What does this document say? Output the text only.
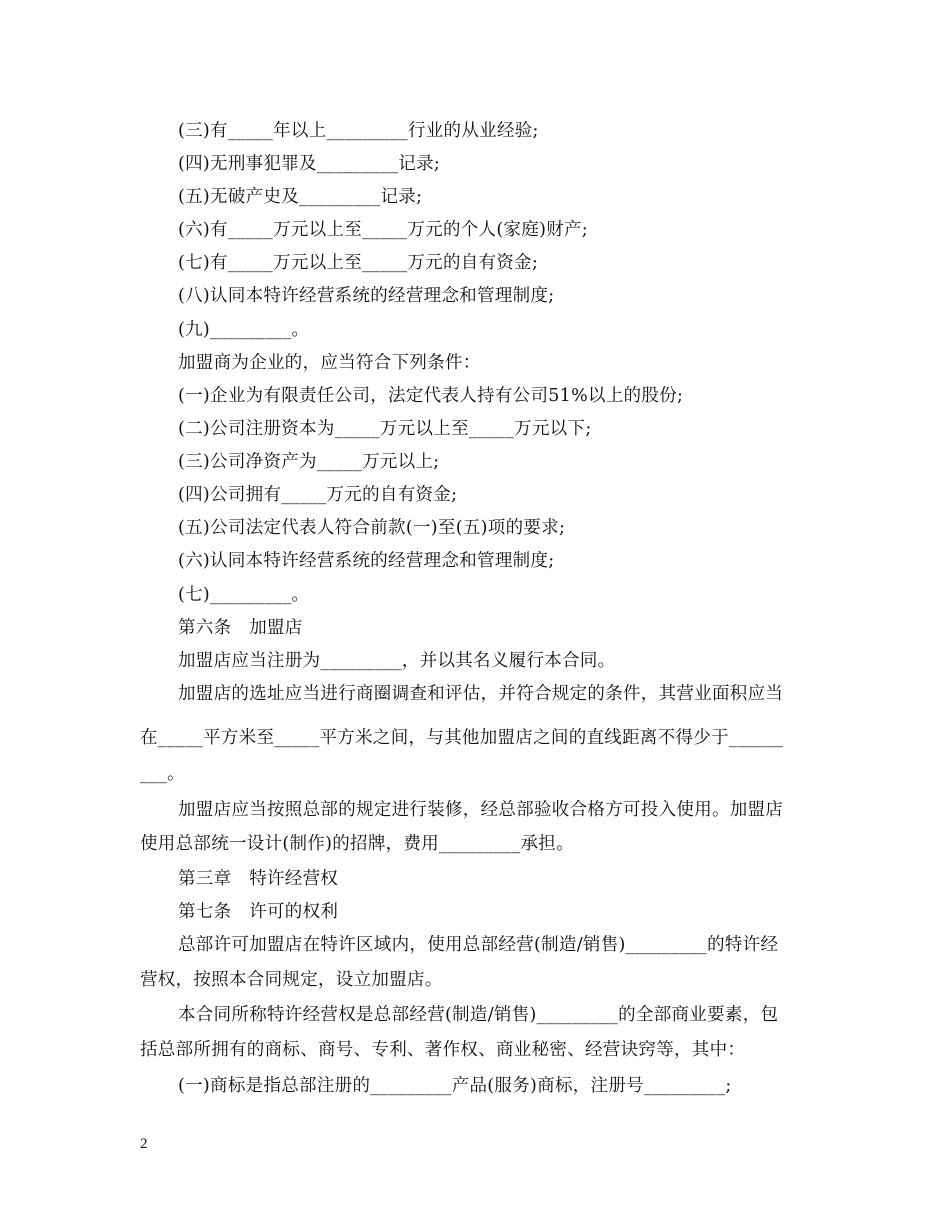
(三)有_____年以上_________行业的从业经验;
(四)无刑事犯罪及_________记录;
(五)无破产史及_________记录;
(六)有_____万元以上至_____万元的个人(家庭)财产;
(七)有_____万元以上至_____万元的自有资金;
(八)认同本特许经营系统的经营理念和管理制度;
(九)_________。
加盟商为企业的，应当符合下列条件：
(一)企业为有限责任公司，法定代表人持有公司51%以上的股份;
(二)公司注册资本为_____万元以上至_____万元以下;
(三)公司净资产为_____万元以上;
(四)公司拥有_____万元的自有资金;
(五)公司法定代表人符合前款(一)至(五)项的要求;
(六)认同本特许经营系统的经营理念和管理制度;
(七)_________。
第六条　加盟店
加盟店应当注册为_________，并以其名义履行本合同。
加盟店的选址应当进行商圈调查和评估，并符合规定的条件，其营业面积应当
在_____平方米至_____平方米之间，与其他加盟店之间的直线距离不得少于______
___。
加盟店应当按照总部的规定进行装修，经总部验收合格方可投入使用。加盟店
使用总部统一设计(制作)的招牌，费用_________承担。
第三章　特许经营权
第七条　许可的权利
总部许可加盟店在特许区域内，使用总部经营(制造/销售)_________的特许经
营权，按照本合同规定，设立加盟店。
本合同所称特许经营权是总部经营(制造/销售)_________的全部商业要素，包
括总部所拥有的商标、商号、专利、著作权、商业秘密、经营诀窍等，其中：
(一)商标是指总部注册的_________产品(服务)商标，注册号_________;
2
